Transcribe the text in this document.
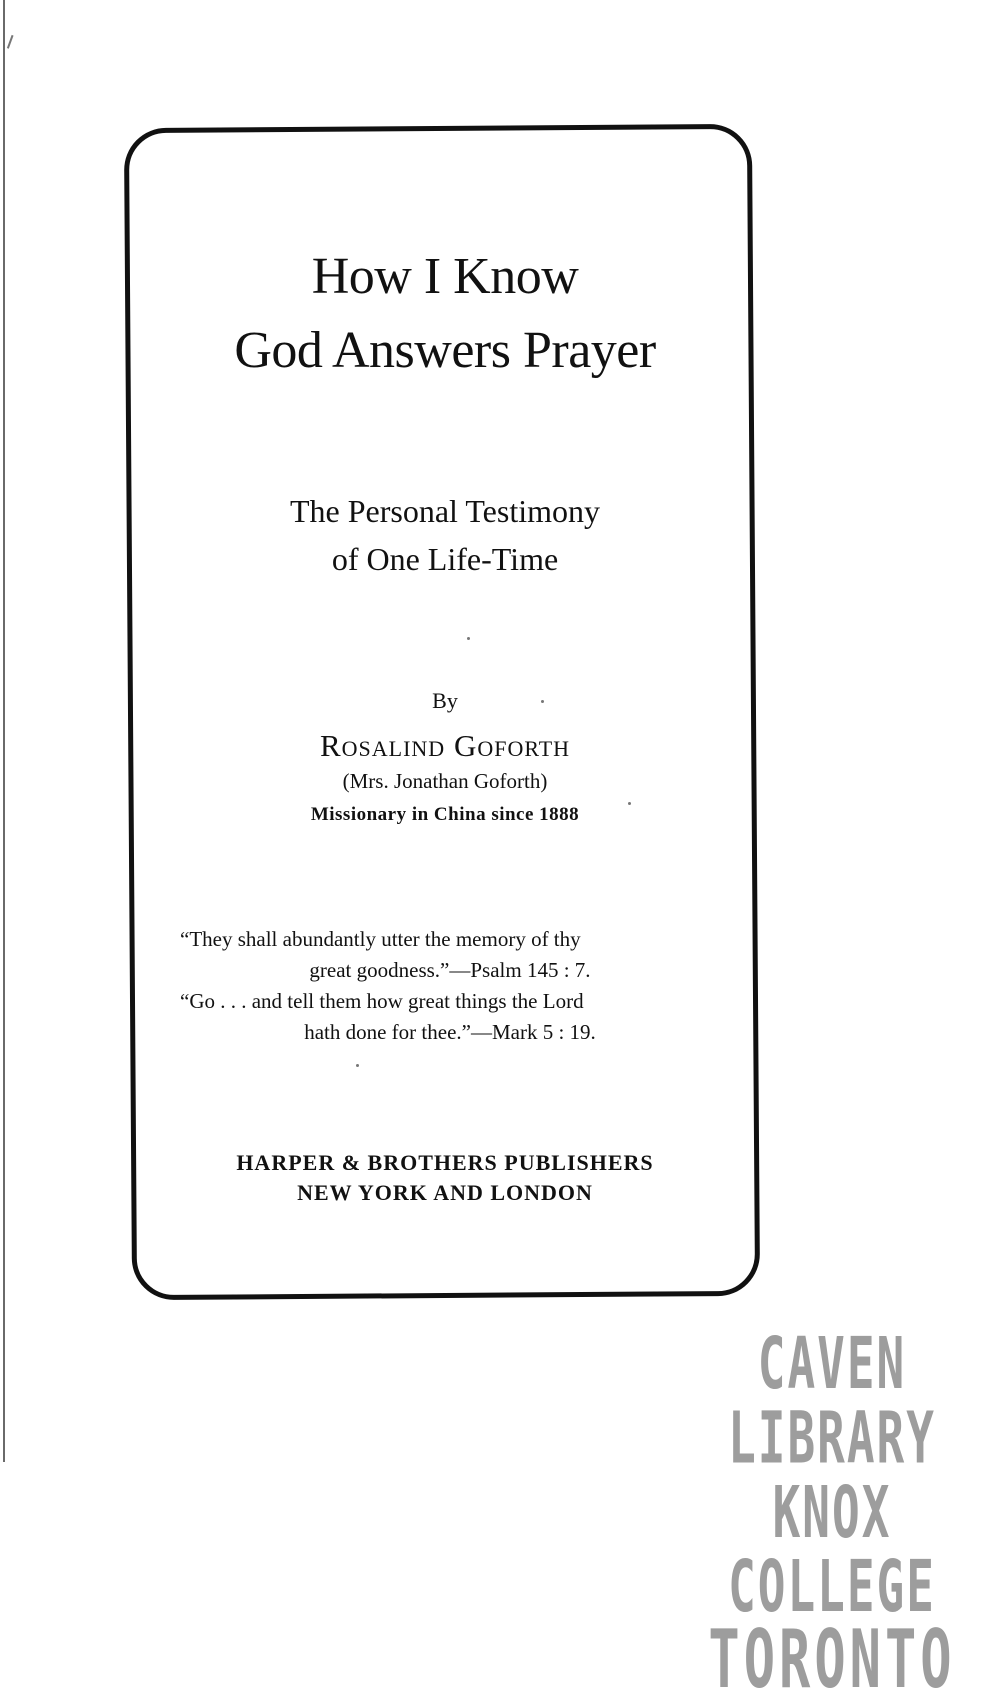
How I Know
God Answers Prayer
The Personal Testimony
of One Life-Time
By
Rosalind Goforth
(Mrs. Jonathan Goforth)
Missionary in China since 1888
“They shall abundantly utter the memory of thy
great goodness.”—Psalm 145 : 7.
“Go . . . and tell them how great things the Lord
hath done for thee.”—Mark 5 : 19.
HARPER & BROTHERS PUBLISHERS
NEW YORK AND LONDON
CAVEN LIBRARY
KNOX COLLEGE
TORONTO
